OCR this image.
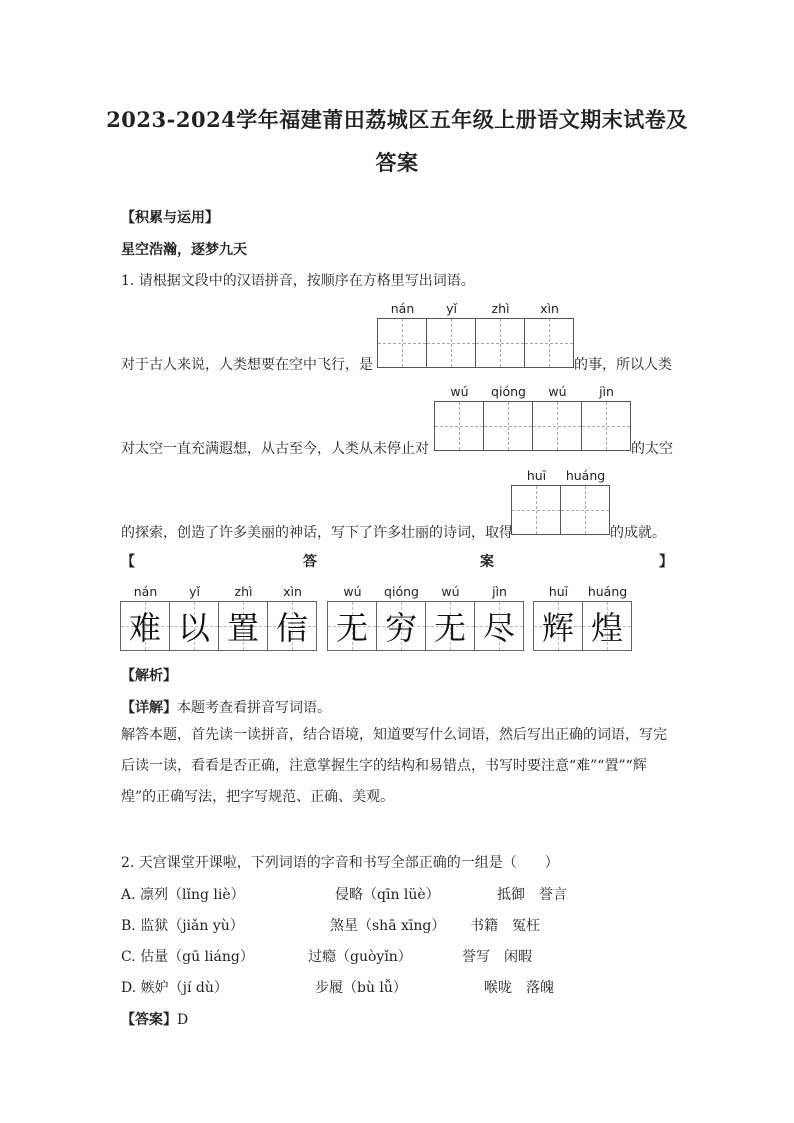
2023-2024学年福建莆田荔城区五年级上册语文期末试卷及
答案
【积累与运用】
星空浩瀚，逐梦九天
1. 请根据文段中的汉语拼音，按顺序在方格里写出词语。
nán	yǐ	zhì	xìn
对于古人来说，人类想要在空中飞行，是	的事，所以人类
wú	qióng	wú	jìn
对太空一直充满遐想，从古至今，人类从未停止对	的太空
huī	huáng
的探索，创造了许多美丽的神话，写下了许多壮丽的诗词，取得	的成就。
【	答	案	】
nán	yǐ	zhì	xìn
难 以 置 信
wú	qióng	wú	jìn
无 穷 无 尽
huī	huáng
辉 煌
【解析】
【详解】本题考查看拼音写词语。
解答本题，首先读一读拼音，结合语境，知道要写什么词语，然后写出正确的词语，写完后读一读，看看是否正确，注意掌握生字的结构和易错点，书写时要注意“难”“置”“辉煌”的正确写法，把字写规范、正确、美观。
2. 天宫课堂开课啦，下列词语的字音和书写全部正确的一组是（　　）
A. 凛列（lǐng liè）	侵略（qīn lüè）	抵御　誉言
B. 监狱（jiǎn yù）	煞星（shā xīng） 书籍　冤枉
C. 估量（gū liáng）	过瘾（guòyǐn）	誉写　闲暇
D. 嫉妒（jí dù）	步履（bù lǚ）	喉咙　落魄
【答案】D
